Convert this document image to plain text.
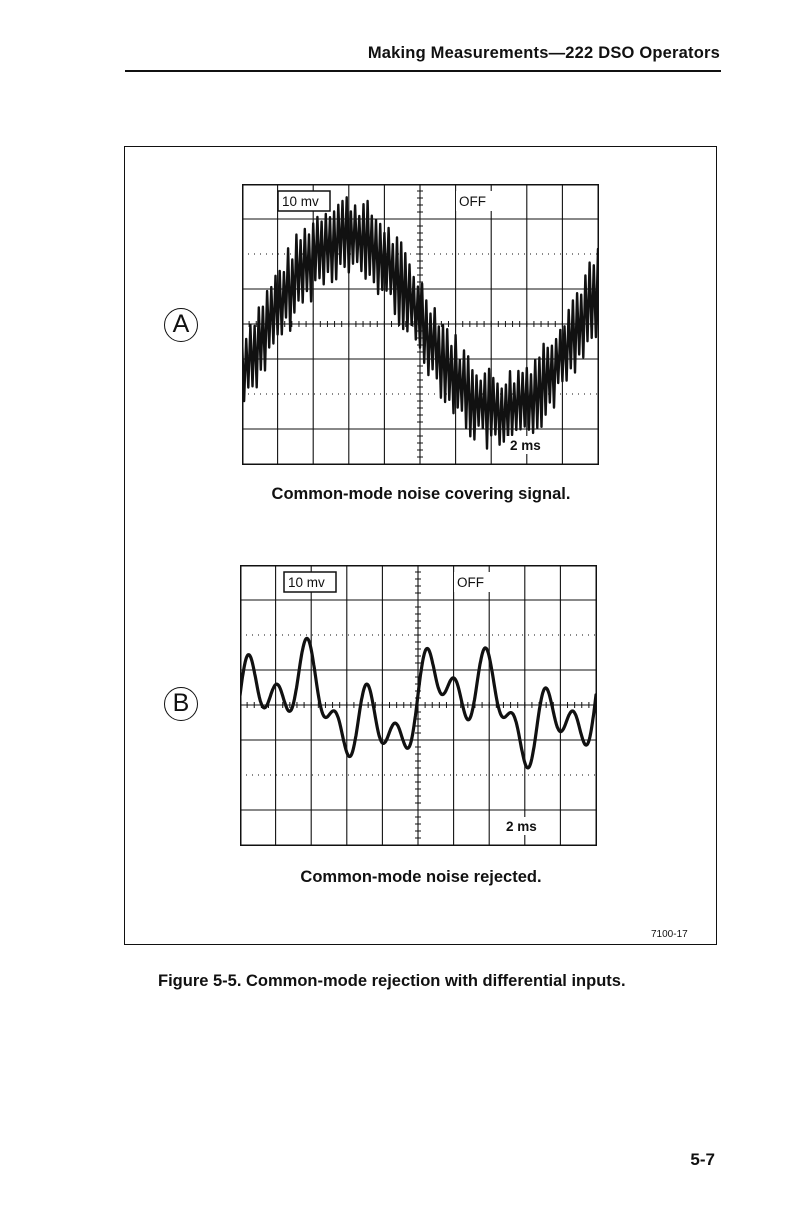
Making Measurements—222 DSO Operators
A
10 mv	OFF
2 ms
Common-mode noise covering signal.
B
10 mv	OFF
2 ms
Common-mode noise rejected.
7100-17
Figure 5-5. Common-mode rejection with differential inputs.
5-7
